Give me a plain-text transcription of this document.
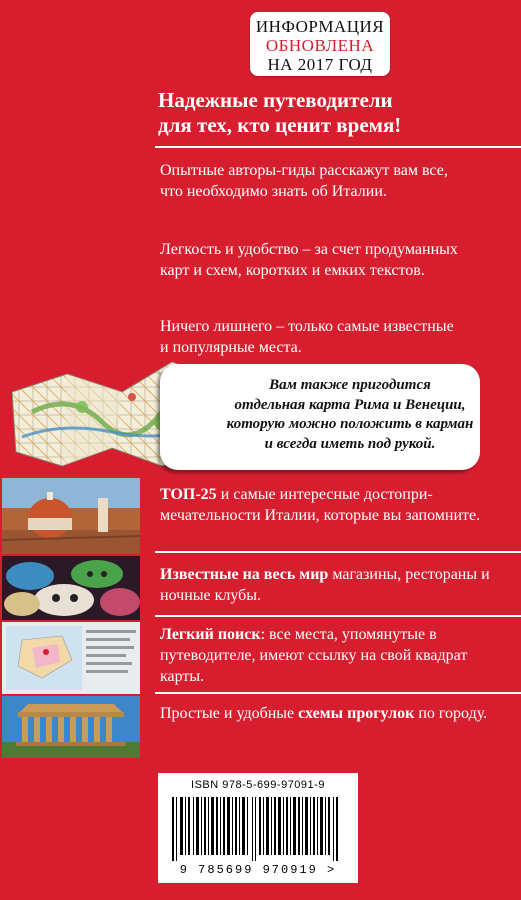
ИНФОРМАЦИЯ
ОБНОВЛЕНА
НА 2017 ГОД
Надежные путеводители
для тех, кто ценит время!
Опытные авторы-гиды расскажут вам все, что необходимо знать об Италии.
Легкость и удобство – за счет продуманных карт и схем, коротких и емких текстов.
Ничего лишнего – только самые известные и популярные места.
Вам также пригодится
отдельная карта Рима и Венеции,
которую можно положить в карман
и всегда иметь под рукой.
ТОП-25 и самые интересные достопри-мечательности Италии, которые вы запомните.
Известные на весь мир магазины, рестораны и ночные клубы.
Легкий поиск: все места, упомянутые в путеводителе, имеют ссылку на свой квадрат карты.
Простые и удобные схемы прогулок по городу.
ISBN 978-5-699-97091-9
9 785699 970919 >
